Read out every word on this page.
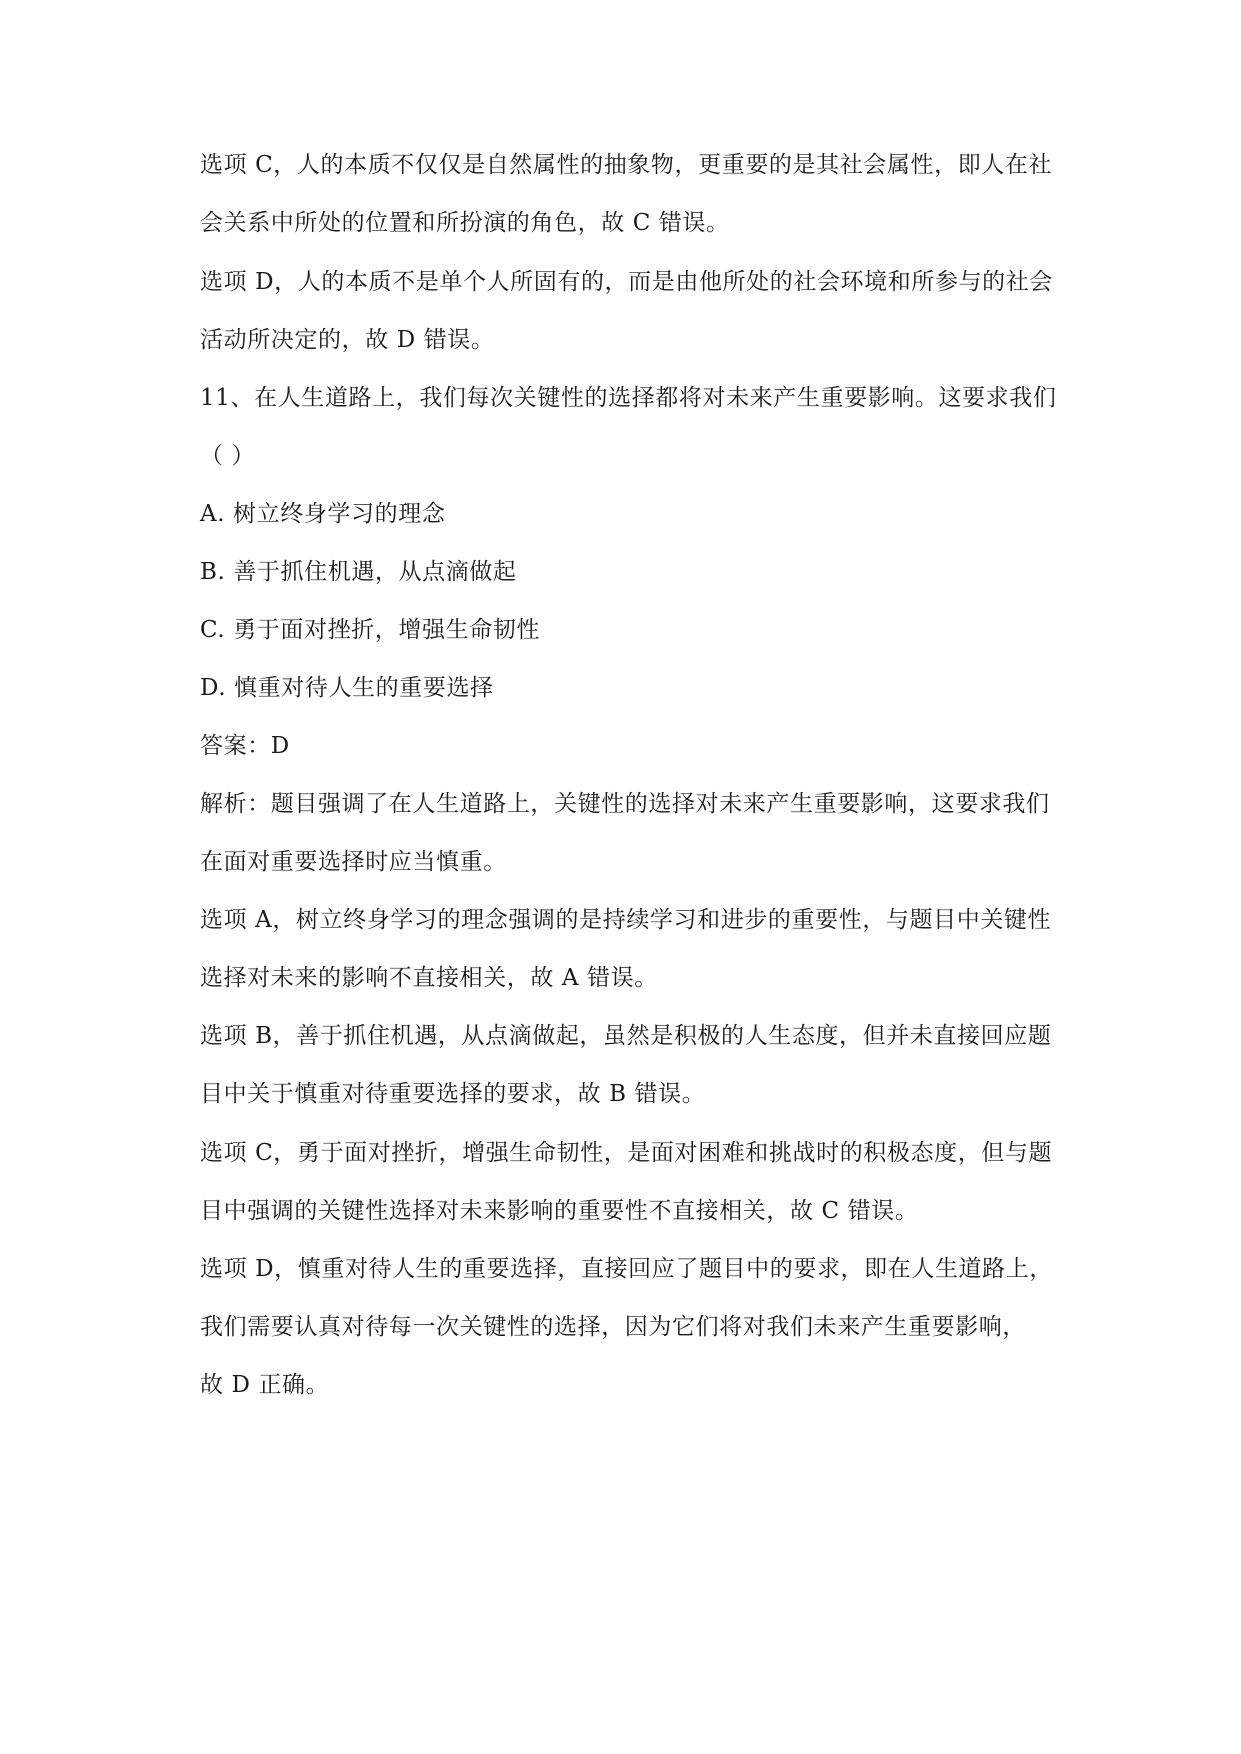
选项 C，人的本质不仅仅是自然属性的抽象物，更重要的是其社会属性，即人在社
会关系中所处的位置和所扮演的角色，故 C 错误。
选项 D，人的本质不是单个人所固有的，而是由他所处的社会环境和所参与的社会
活动所决定的，故 D 错误。
11、在人生道路上，我们每次关键性的选择都将对未来产生重要影响。这要求我们
（ ）
A. 树立终身学习的理念
B. 善于抓住机遇，从点滴做起
C. 勇于面对挫折，增强生命韧性
D. 慎重对待人生的重要选择
答案：D
解析：题目强调了在人生道路上，关键性的选择对未来产生重要影响，这要求我们
在面对重要选择时应当慎重。
选项 A，树立终身学习的理念强调的是持续学习和进步的重要性，与题目中关键性
选择对未来的影响不直接相关，故 A 错误。
选项 B，善于抓住机遇，从点滴做起，虽然是积极的人生态度，但并未直接回应题
目中关于慎重对待重要选择的要求，故 B 错误。
选项 C，勇于面对挫折，增强生命韧性，是面对困难和挑战时的积极态度，但与题
目中强调的关键性选择对未来影响的重要性不直接相关，故 C 错误。
选项 D，慎重对待人生的重要选择，直接回应了题目中的要求，即在人生道路上，
我们需要认真对待每一次关键性的选择，因为它们将对我们未来产生重要影响，
故 D 正确。
